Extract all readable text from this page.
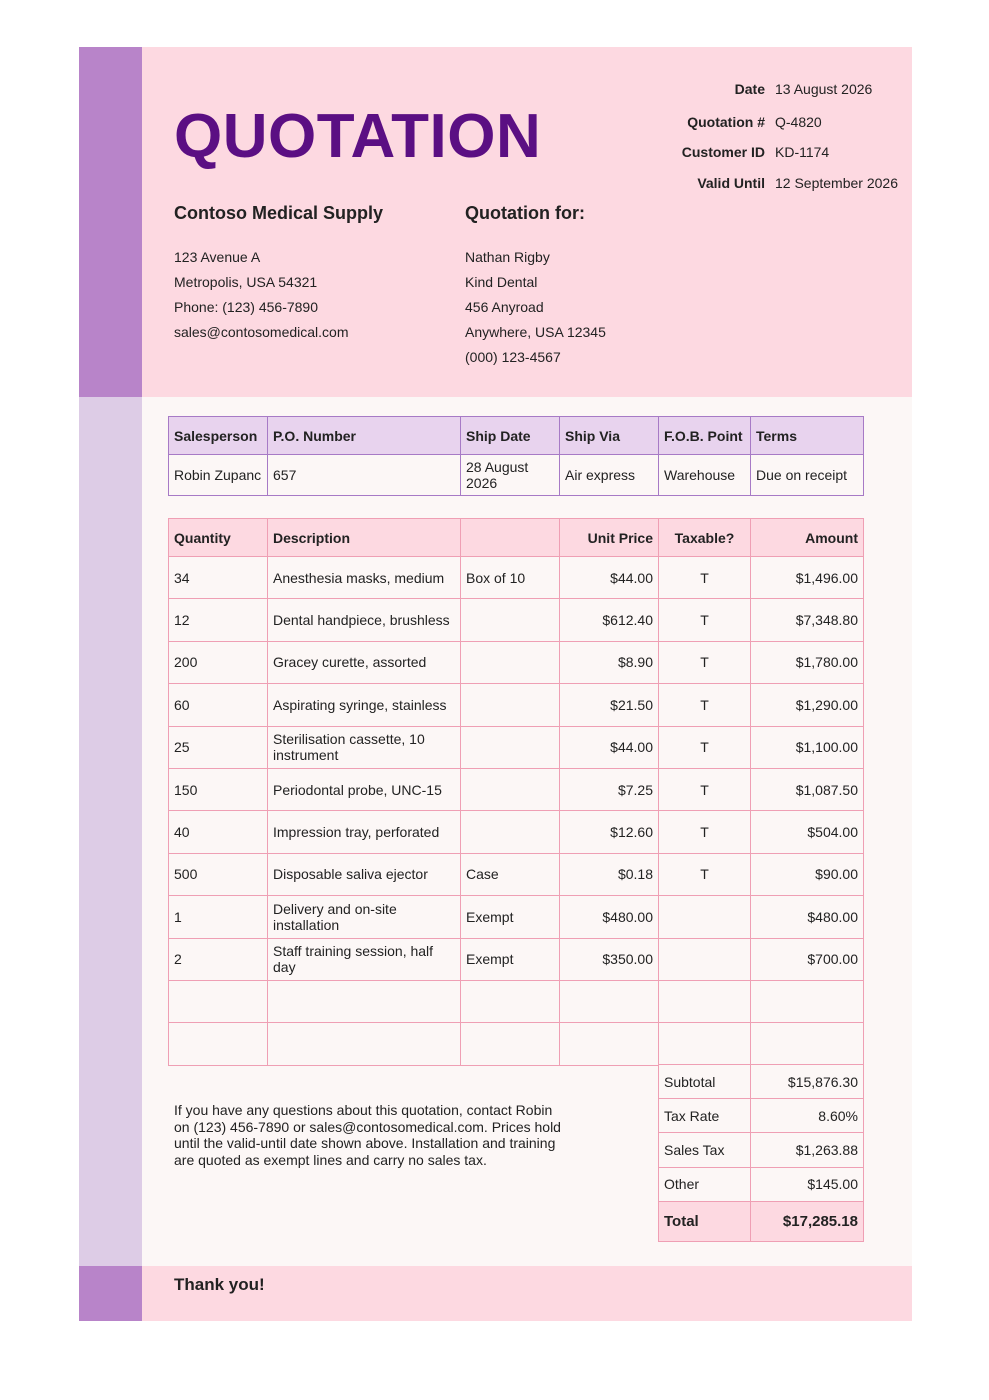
QUOTATION
Date 13 August 2026
Quotation # Q-4820
Customer ID KD-1174
Valid Until 12 September 2026
Contoso Medical Supply	Quotation for:
123 Avenue A
Metropolis, USA 54321
Phone: (123) 456-7890
sales@contosomedical.com
Nathan Rigby
Kind Dental
456 Anyroad
Anywhere, USA 12345
(000) 123-4567
Salesperson	P.O. Number	Ship Date	Ship Via	F.O.B. Point	Terms
Robin Zupanc	657	28 August 2026	Air express	Warehouse	Due on receipt
Quantity	Description		Unit Price	Taxable?	Amount
34	Anesthesia masks, medium	Box of 10	$44.00	T	$1,496.00
12	Dental handpiece, brushless		$612.40	T	$7,348.80
200	Gracey curette, assorted		$8.90	T	$1,780.00
60	Aspirating syringe, stainless		$21.50	T	$1,290.00
25	Sterilisation cassette, 10 instrument		$44.00	T	$1,100.00
150	Periodontal probe, UNC-15		$7.25	T	$1,087.50
40	Impression tray, perforated		$12.60	T	$504.00
500	Disposable saliva ejector	Case	$0.18	T	$90.00
1	Delivery and on-site installation	Exempt	$480.00		$480.00
2	Staff training session, half day	Exempt	$350.00		$700.00

Subtotal	$15,876.30
Tax Rate	8.60%
Sales Tax	$1,263.88
Other	$145.00
Total	$17,285.18
If you have any questions about this quotation, contact Robin on (123) 456-7890 or sales@contosomedical.com. Prices hold until the valid-until date shown above. Installation and training are quoted as exempt lines and carry no sales tax.
Thank you!
